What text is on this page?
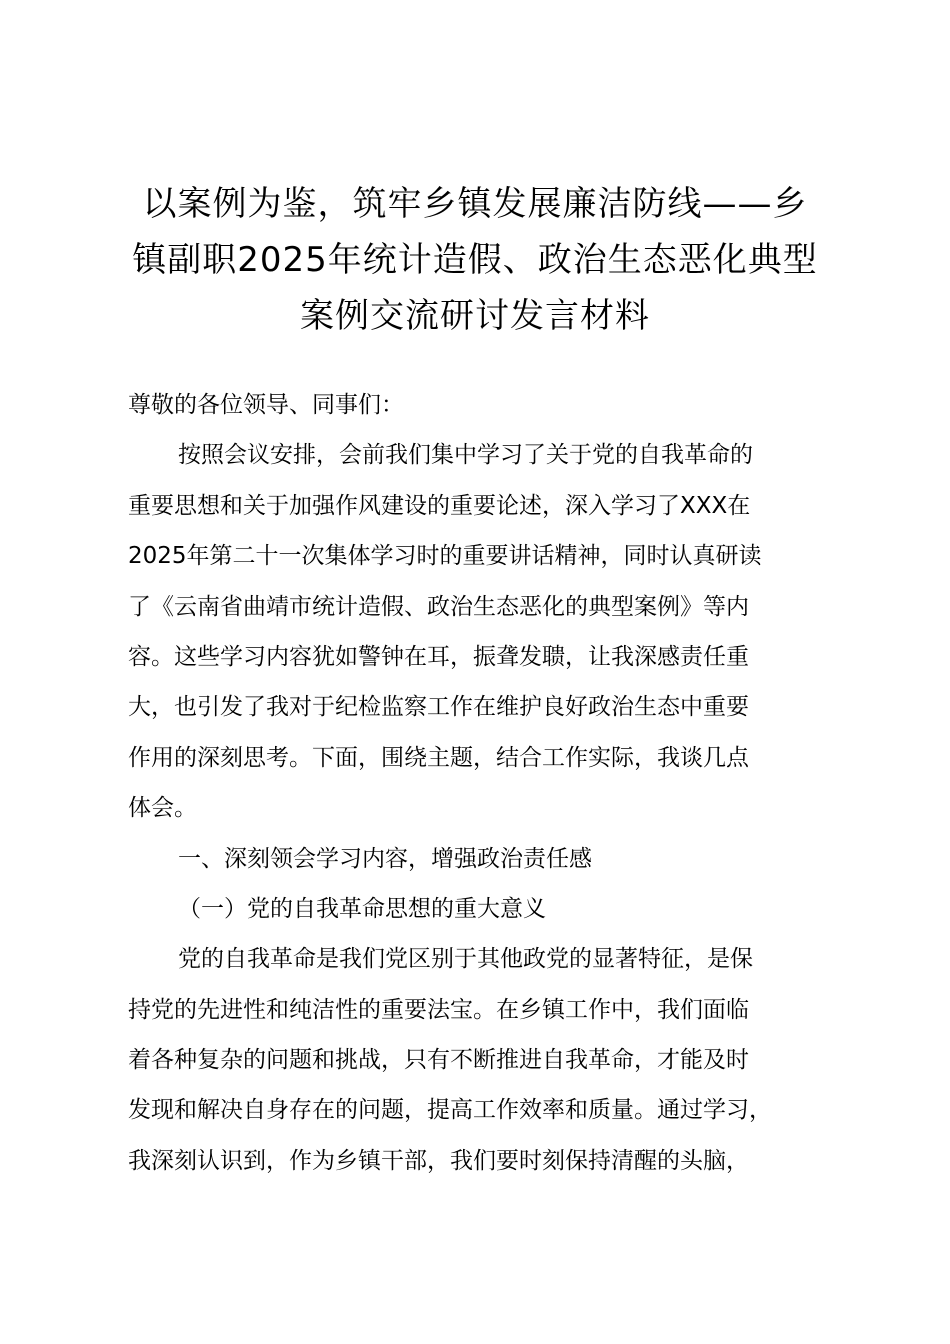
以案例为鉴，筑牢乡镇发展廉洁防线——乡
镇副职2025年统计造假、政治生态恶化典型
案例交流研讨发言材料
尊敬的各位领导、同事们：
按照会议安排，会前我们集中学习了关于党的自我革命的
重要思想和关于加强作风建设的重要论述，深入学习了XXX在
2025年第二十一次集体学习时的重要讲话精神，同时认真研读
了《云南省曲靖市统计造假、政治生态恶化的典型案例》等内
容。这些学习内容犹如警钟在耳，振聋发聩，让我深感责任重
大，也引发了我对于纪检监察工作在维护良好政治生态中重要
作用的深刻思考。下面，围绕主题，结合工作实际，我谈几点
体会。
一、深刻领会学习内容，增强政治责任感
（一）党的自我革命思想的重大意义
党的自我革命是我们党区别于其他政党的显著特征，是保
持党的先进性和纯洁性的重要法宝。在乡镇工作中，我们面临
着各种复杂的问题和挑战，只有不断推进自我革命，才能及时
发现和解决自身存在的问题，提高工作效率和质量。通过学习，
我深刻认识到，作为乡镇干部，我们要时刻保持清醒的头脑，
